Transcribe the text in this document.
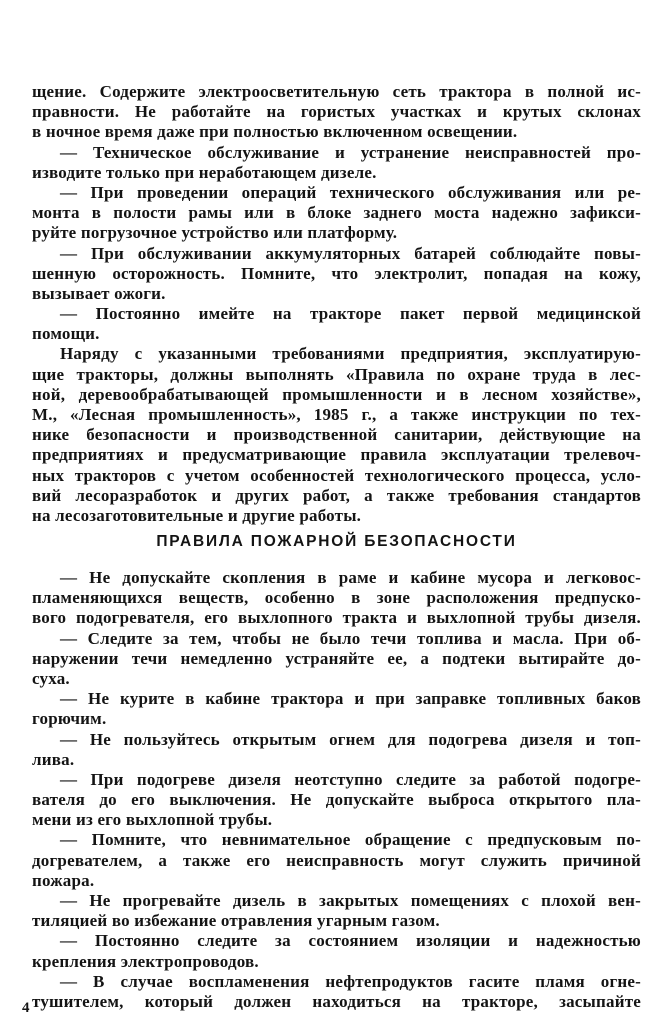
щение. Содержите электроосветительную сеть трактора в полной ис-
правности. Не работайте на гористых участках и крутых склонах
в ночное время даже при полностью включенном освещении.
— Техническое обслуживание и устранение неисправностей про-
изводите только при неработающем дизеле.
— При проведении операций технического обслуживания или ре-
монта в полости рамы или в блоке заднего моста надежно зафикси-
руйте погрузочное устройство или платформу.
— При обслуживании аккумуляторных батарей соблюдайте повы-
шенную осторожность. Помните, что электролит, попадая на кожу,
вызывает ожоги.
— Постоянно имейте на тракторе пакет первой медицинской
помощи.
Наряду с указанными требованиями предприятия, эксплуатирую-
щие тракторы, должны выполнять «Правила по охране труда в лес-
ной, деревообрабатывающей промышленности и в лесном хозяйстве»,
М., «Лесная промышленность», 1985 г., а также инструкции по тех-
нике безопасности и производственной санитарии, действующие на
предприятиях и предусматривающие правила эксплуатации трелевоч-
ных тракторов с учетом особенностей технологического процесса, усло-
вий лесоразработок и других работ, а также требования стандартов
на лесозаготовительные и другие работы.
ПРАВИЛА ПОЖАРНОЙ БЕЗОПАСНОСТИ
— Не допускайте скопления в раме и кабине мусора и легковос-
пламеняющихся веществ, особенно в зоне расположения предпуско-
вого подогревателя, его выхлопного тракта и выхлопной трубы дизеля.
— Следите за тем, чтобы не было течи топлива и масла. При об-
наружении течи немедленно устраняйте ее, а подтеки вытирайте до-
суха.
— Не курите в кабине трактора и при заправке топливных баков
горючим.
— Не пользуйтесь открытым огнем для подогрева дизеля и топ-
лива.
— При подогреве дизеля неотступно следите за работой подогре-
вателя до его выключения. Не допускайте выброса открытого пла-
мени из его выхлопной трубы.
— Помните, что невнимательное обращение с предпусковым по-
догревателем, а также его неисправность могут служить причиной
пожара.
— Не прогревайте дизель в закрытых помещениях с плохой вен-
тиляцией во избежание отравления угарным газом.
— Постоянно следите за состоянием изоляции и надежностью
крепления электропроводов.
— В случае воспламенения нефтепродуктов гасите пламя огне-
тушителем, который должен находиться на тракторе, засыпайте
4
